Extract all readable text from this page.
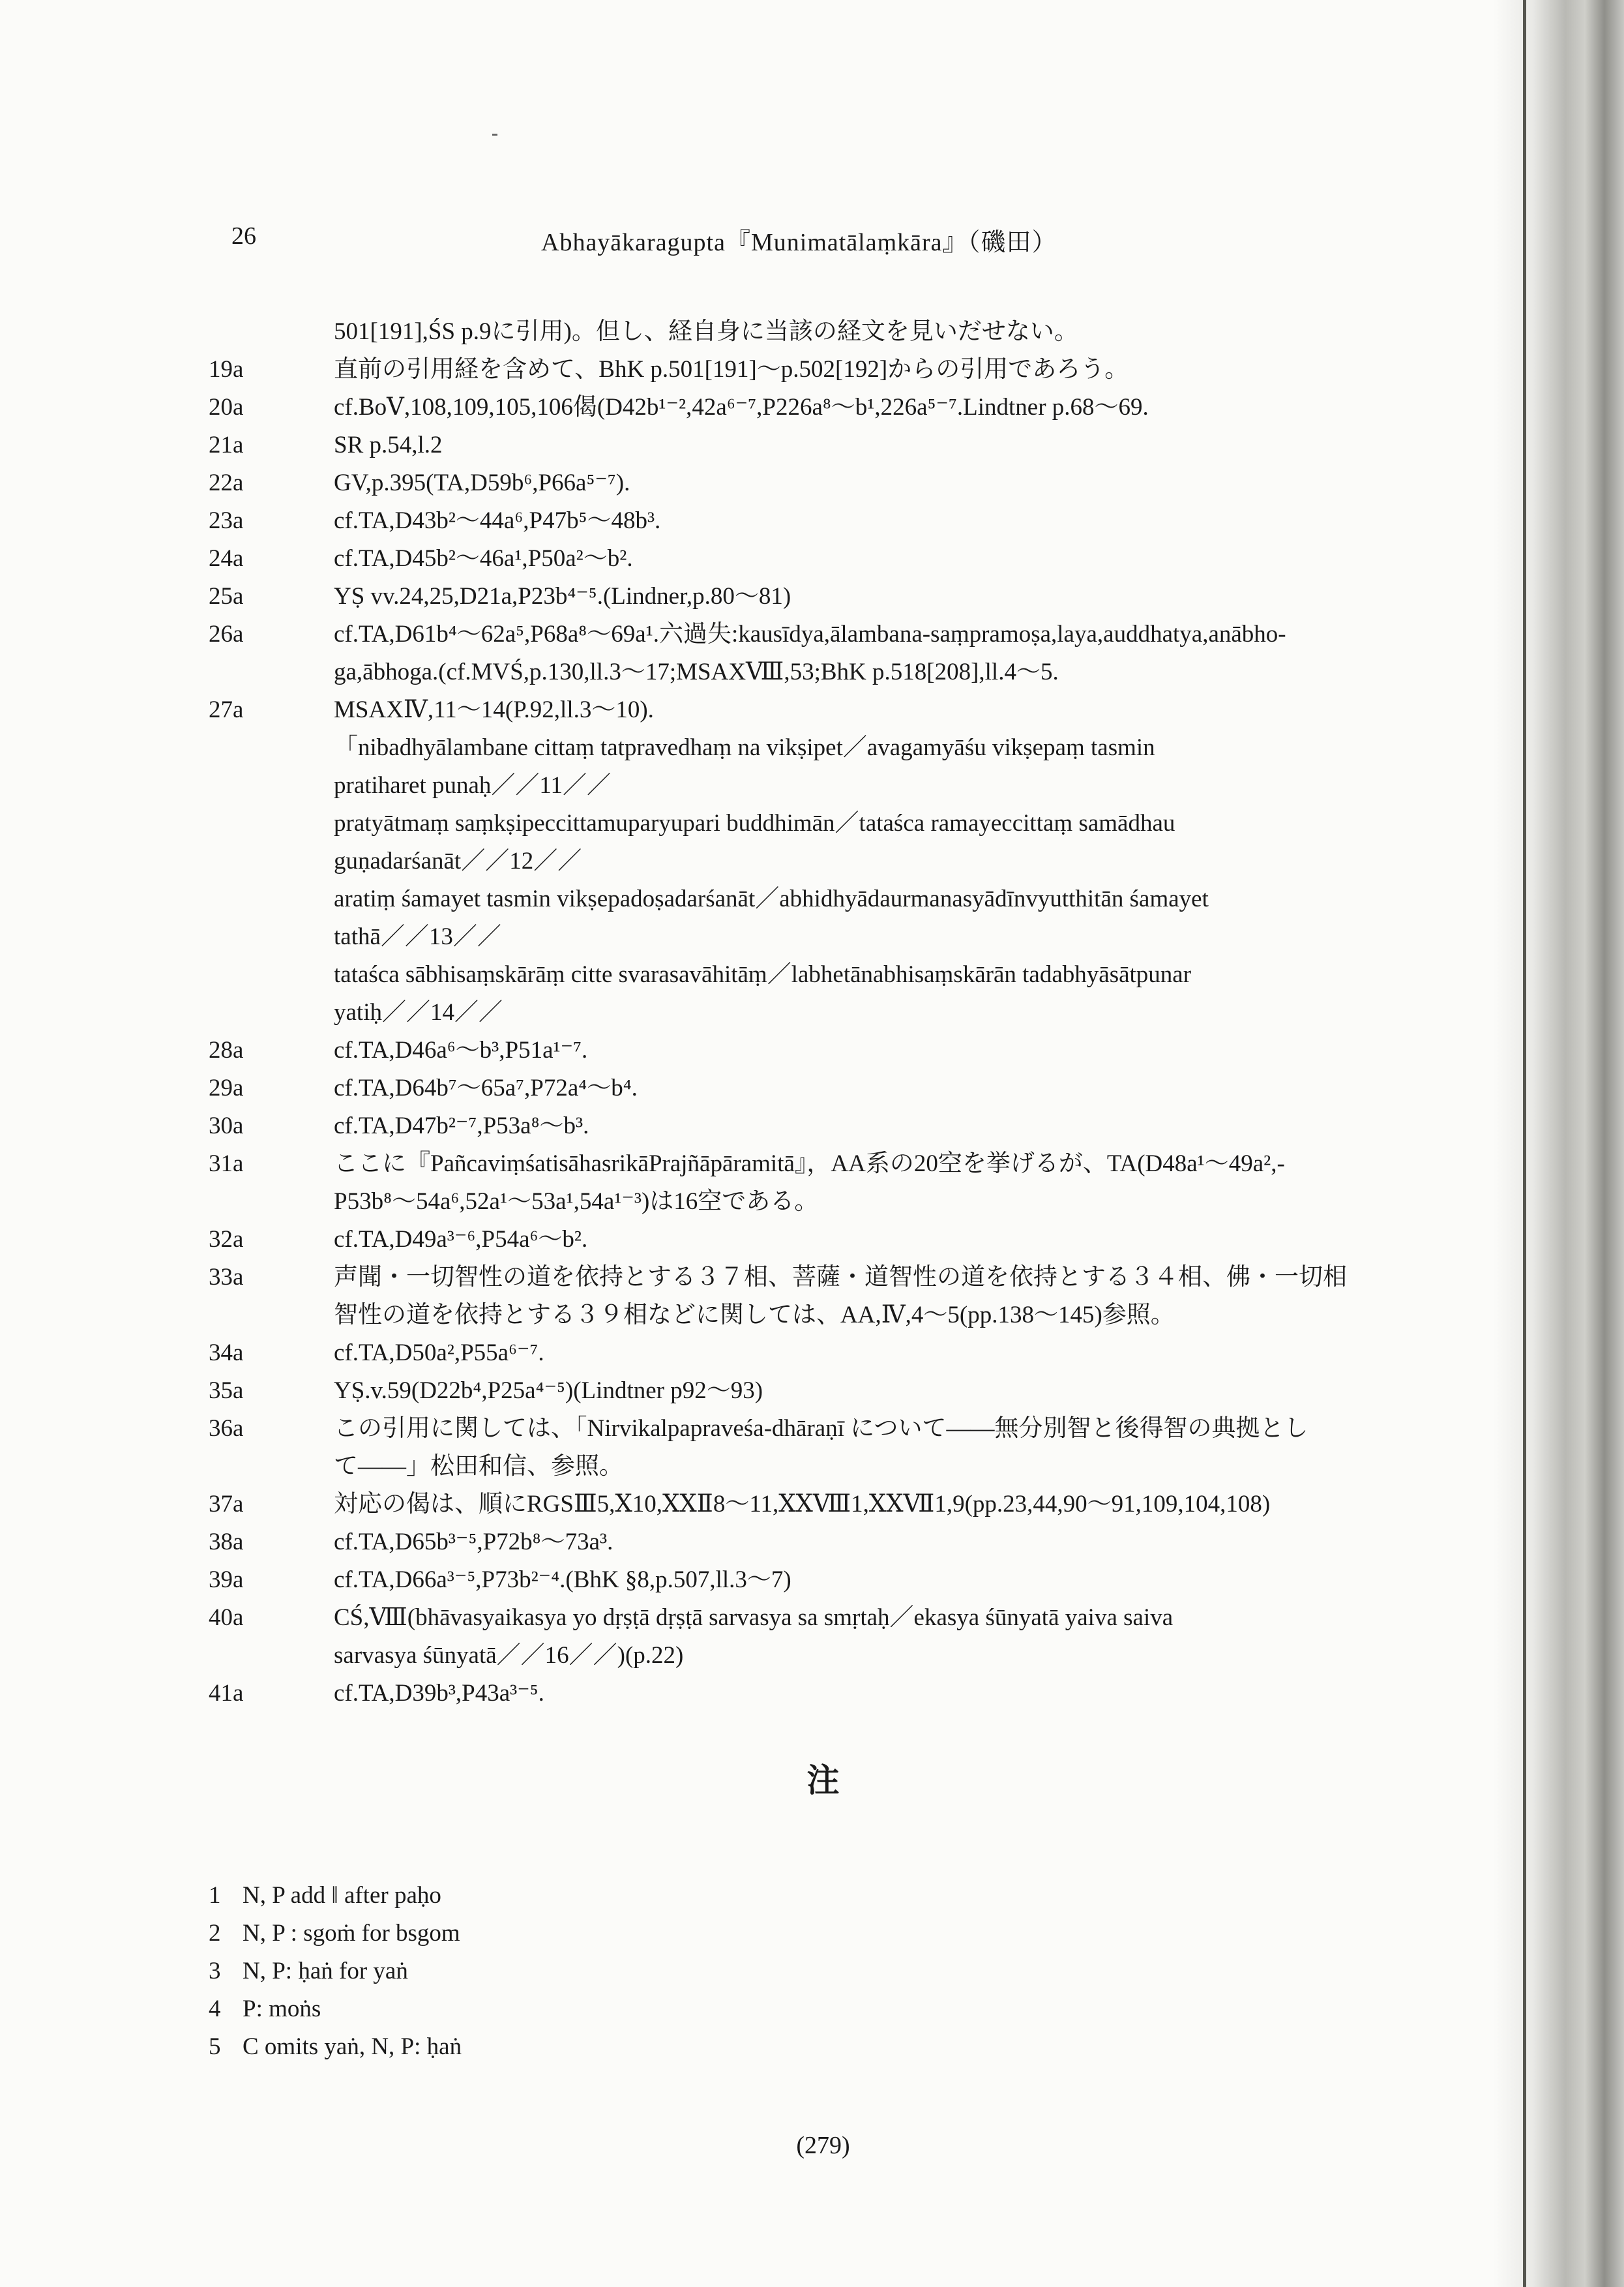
26	Abhayākaragupta『Munimatālaṃkāra』（磯田）
501[191],ŚS p.9に引用)。但し、経自身に当該の経文を見いだせない。
19a	直前の引用経を含めて、BhK p.501[191]～p.502[192]からの引用であろう。
20a	cf.BoⅤ,108,109,105,106偈(D42b¹⁻²,42a⁶⁻⁷,P226a⁸～b¹,226a⁵⁻⁷.Lindtner p.68～69.
21a	SR p.54,l.2
22a	GV,p.395(TA,D59b⁶,P66a⁵⁻⁷).
23a	cf.TA,D43b²～44a⁶,P47b⁵～48b³.
24a	cf.TA,D45b²～46a¹,P50a²～b².
25a	YṢ vv.24,25,D21a,P23b⁴⁻⁵.(Lindner,p.80～81)
26a	cf.TA,D61b⁴～62a⁵,P68a⁸～69a¹.六過失:kausīdya,ālambana-saṃpramoṣa,laya,auddhatya,anābho-
ga,ābhoga.(cf.MVŚ,p.130,ll.3～17;MSAXⅧ,53;BhK p.518[208],ll.4～5.
27a	MSAXⅣ,11～14(P.92,ll.3～10).
「nibadhyālambane cittaṃ tatpravedhaṃ na vikṣipet／avagamyāśu vikṣepaṃ tasmin
pratiharet punaḥ／／11／／
pratyātmaṃ saṃkṣipeccittamuparyupari buddhimān／tataśca ramayeccittaṃ samādhau
guṇadarśanāt／／12／／
aratiṃ śamayet tasmin vikṣepadoṣadarśanāt／abhidhyādaurmanasyādīnvyutthitān śamayet
tathā／／13／／
tataśca sābhisaṃskārāṃ citte svarasavāhitāṃ／labhetānabhisaṃskārān tadabhyāsātpunar
yatiḥ／／14／／
28a	cf.TA,D46a⁶～b³,P51a¹⁻⁷.
29a	cf.TA,D64b⁷～65a⁷,P72a⁴～b⁴.
30a	cf.TA,D47b²⁻⁷,P53a⁸～b³.
31a	ここに『PañcaviṃśatisāhasrikāPrajñāpāramitā』，AA系の20空を挙げるが、TA(D48a¹～49a²,-
P53b⁸～54a⁶,52a¹～53a¹,54a¹⁻³)は16空である。
32a	cf.TA,D49a³⁻⁶,P54a⁶～b².
33a	声聞・一切智性の道を依持とする３７相、菩薩・道智性の道を依持とする３４相、佛・一切相
智性の道を依持とする３９相などに関しては、AA,Ⅳ,4～5(pp.138～145)参照。
34a	cf.TA,D50a²,P55a⁶⁻⁷.
35a	YṢ.v.59(D22b⁴,P25a⁴⁻⁵)(Lindtner p92～93)
36a	この引用に関しては、「Nirvikalpapraveśa-dhāraṇī について――無分別智と後得智の典拠とし
て――」松田和信、参照。
37a	対応の偈は、順にRGSⅢ5,Ⅹ10,ⅩⅩⅡ8～11,ⅩⅩⅧ1,ⅩⅩⅦ1,9(pp.23,44,90～91,109,104,108)
38a	cf.TA,D65b³⁻⁵,P72b⁸～73a³.
39a	cf.TA,D66a³⁻⁵,P73b²⁻⁴.(BhK §8,p.507,ll.3～7)
40a	CŚ,Ⅷ(bhāvasyaikasya yo dṛṣṭā dṛṣṭā sarvasya sa smṛtaḥ／ekasya śūnyatā yaiva saiva
sarvasya śūnyatā／／16／／)(p.22)
41a	cf.TA,D39b³,P43a³⁻⁵.
注
1 N, P add ‖ after paḥo
2 N, P : sgoṁ for bsgom
3 N, P: ḥaṅ for yaṅ
4 P: moṅs
5 C omits yaṅ, N, P: ḥaṅ
(279)
